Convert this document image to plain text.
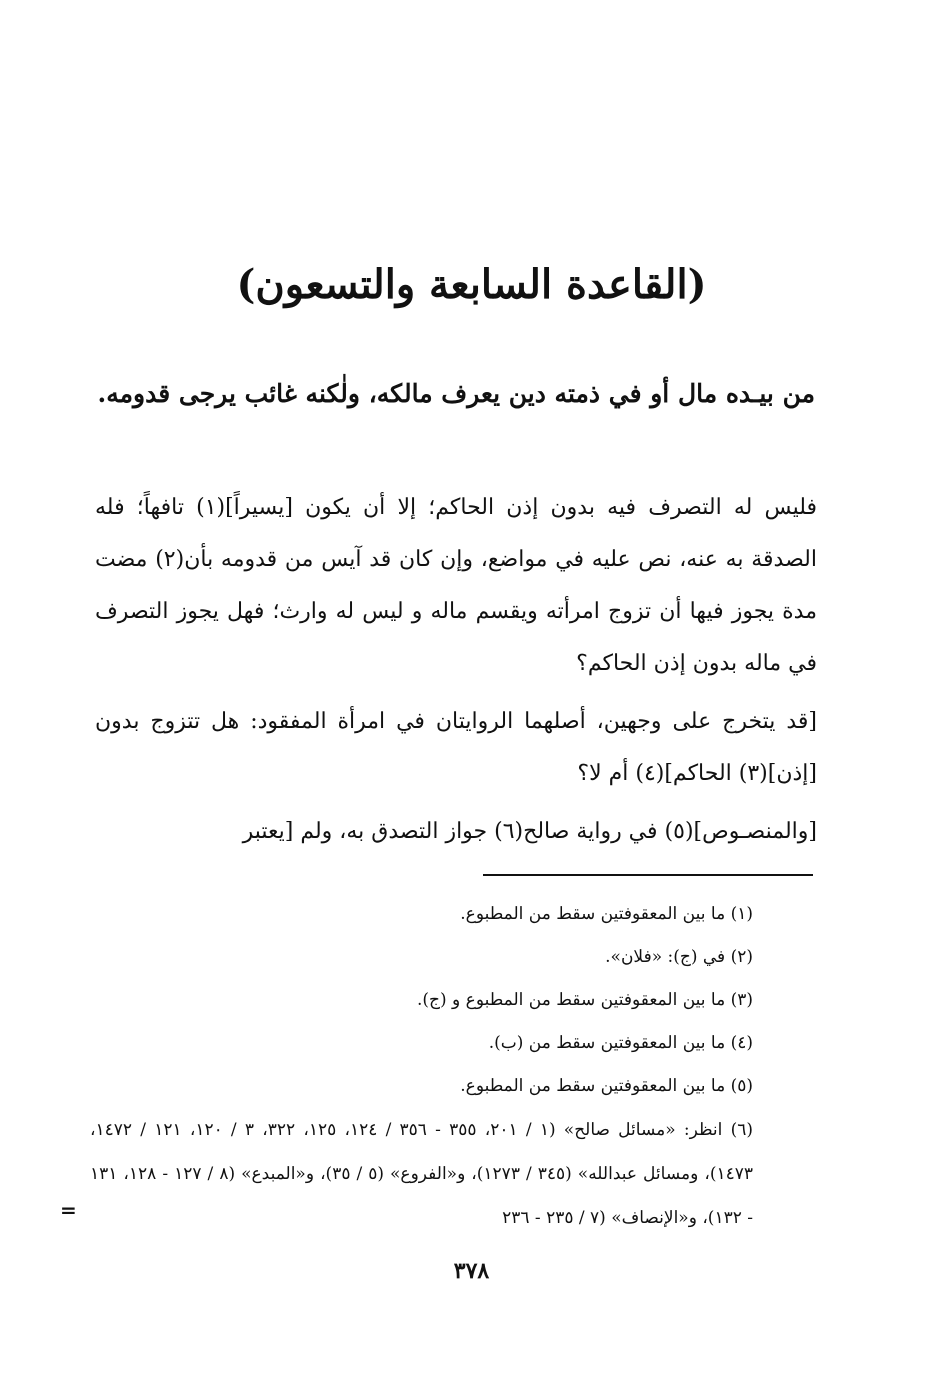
(القاعدة السابعة والتسعون)
من بيـده مال أو في ذمته دين يعرف مالكه، ولٰكنه غائب يرجى قدومه.
فليس له التصرف فيه بدون إذن الحاكم؛ إلا أن يكون [يسيراً](١) تافهاً؛ فله الصدقة به عنه، نص عليه في مواضع، وإن كان قد آيس من قدومه بأن(٢) مضت مدة يجوز فيها أن تزوج امرأته ويقسم ماله و ليس له وارث؛ فهل يجوز التصرف في ماله بدون إذن الحاكم؟
[قد يتخرج على وجهين، أصلهما الروايتان في امرأة المفقود: هل تتزوج بدون [إذن](٣) الحاكم](٤) أم لا؟
[والمنصـوص](٥) في رواية صالح(٦) جواز التصدق به، ولم [يعتبر

(١) ما بين المعقوفتين سقط من المطبوع.

(٢) في (ج): «فلان».

(٣) ما بين المعقوفتين سقط من المطبوع و (ج).

(٤) ما بين المعقوفتين سقط من (ب).

(٥) ما بين المعقوفتين سقط من المطبوع.

(٦) انظر: «مسائل صالح» (١ / ٢٠١، ٣٥٥ - ٣٥٦ / ١٢٤، ١٢٥، ٣٢٢، ٣ / ١٢٠، ١٢١ / ١٤٧٢، ١٤٧٣)، ومسائل عبدالله» (٣٤٥ / ١٢٧٣)، و«الفروع» (٥ / ٣٥)، و«المبدع» (٨ / ١٢٧ - ١٢٨، ١٣١ - ١٣٢)، و«الإنصاف» (٧ / ٢٣٥ - ٢٣٦

=
٣٧٨
